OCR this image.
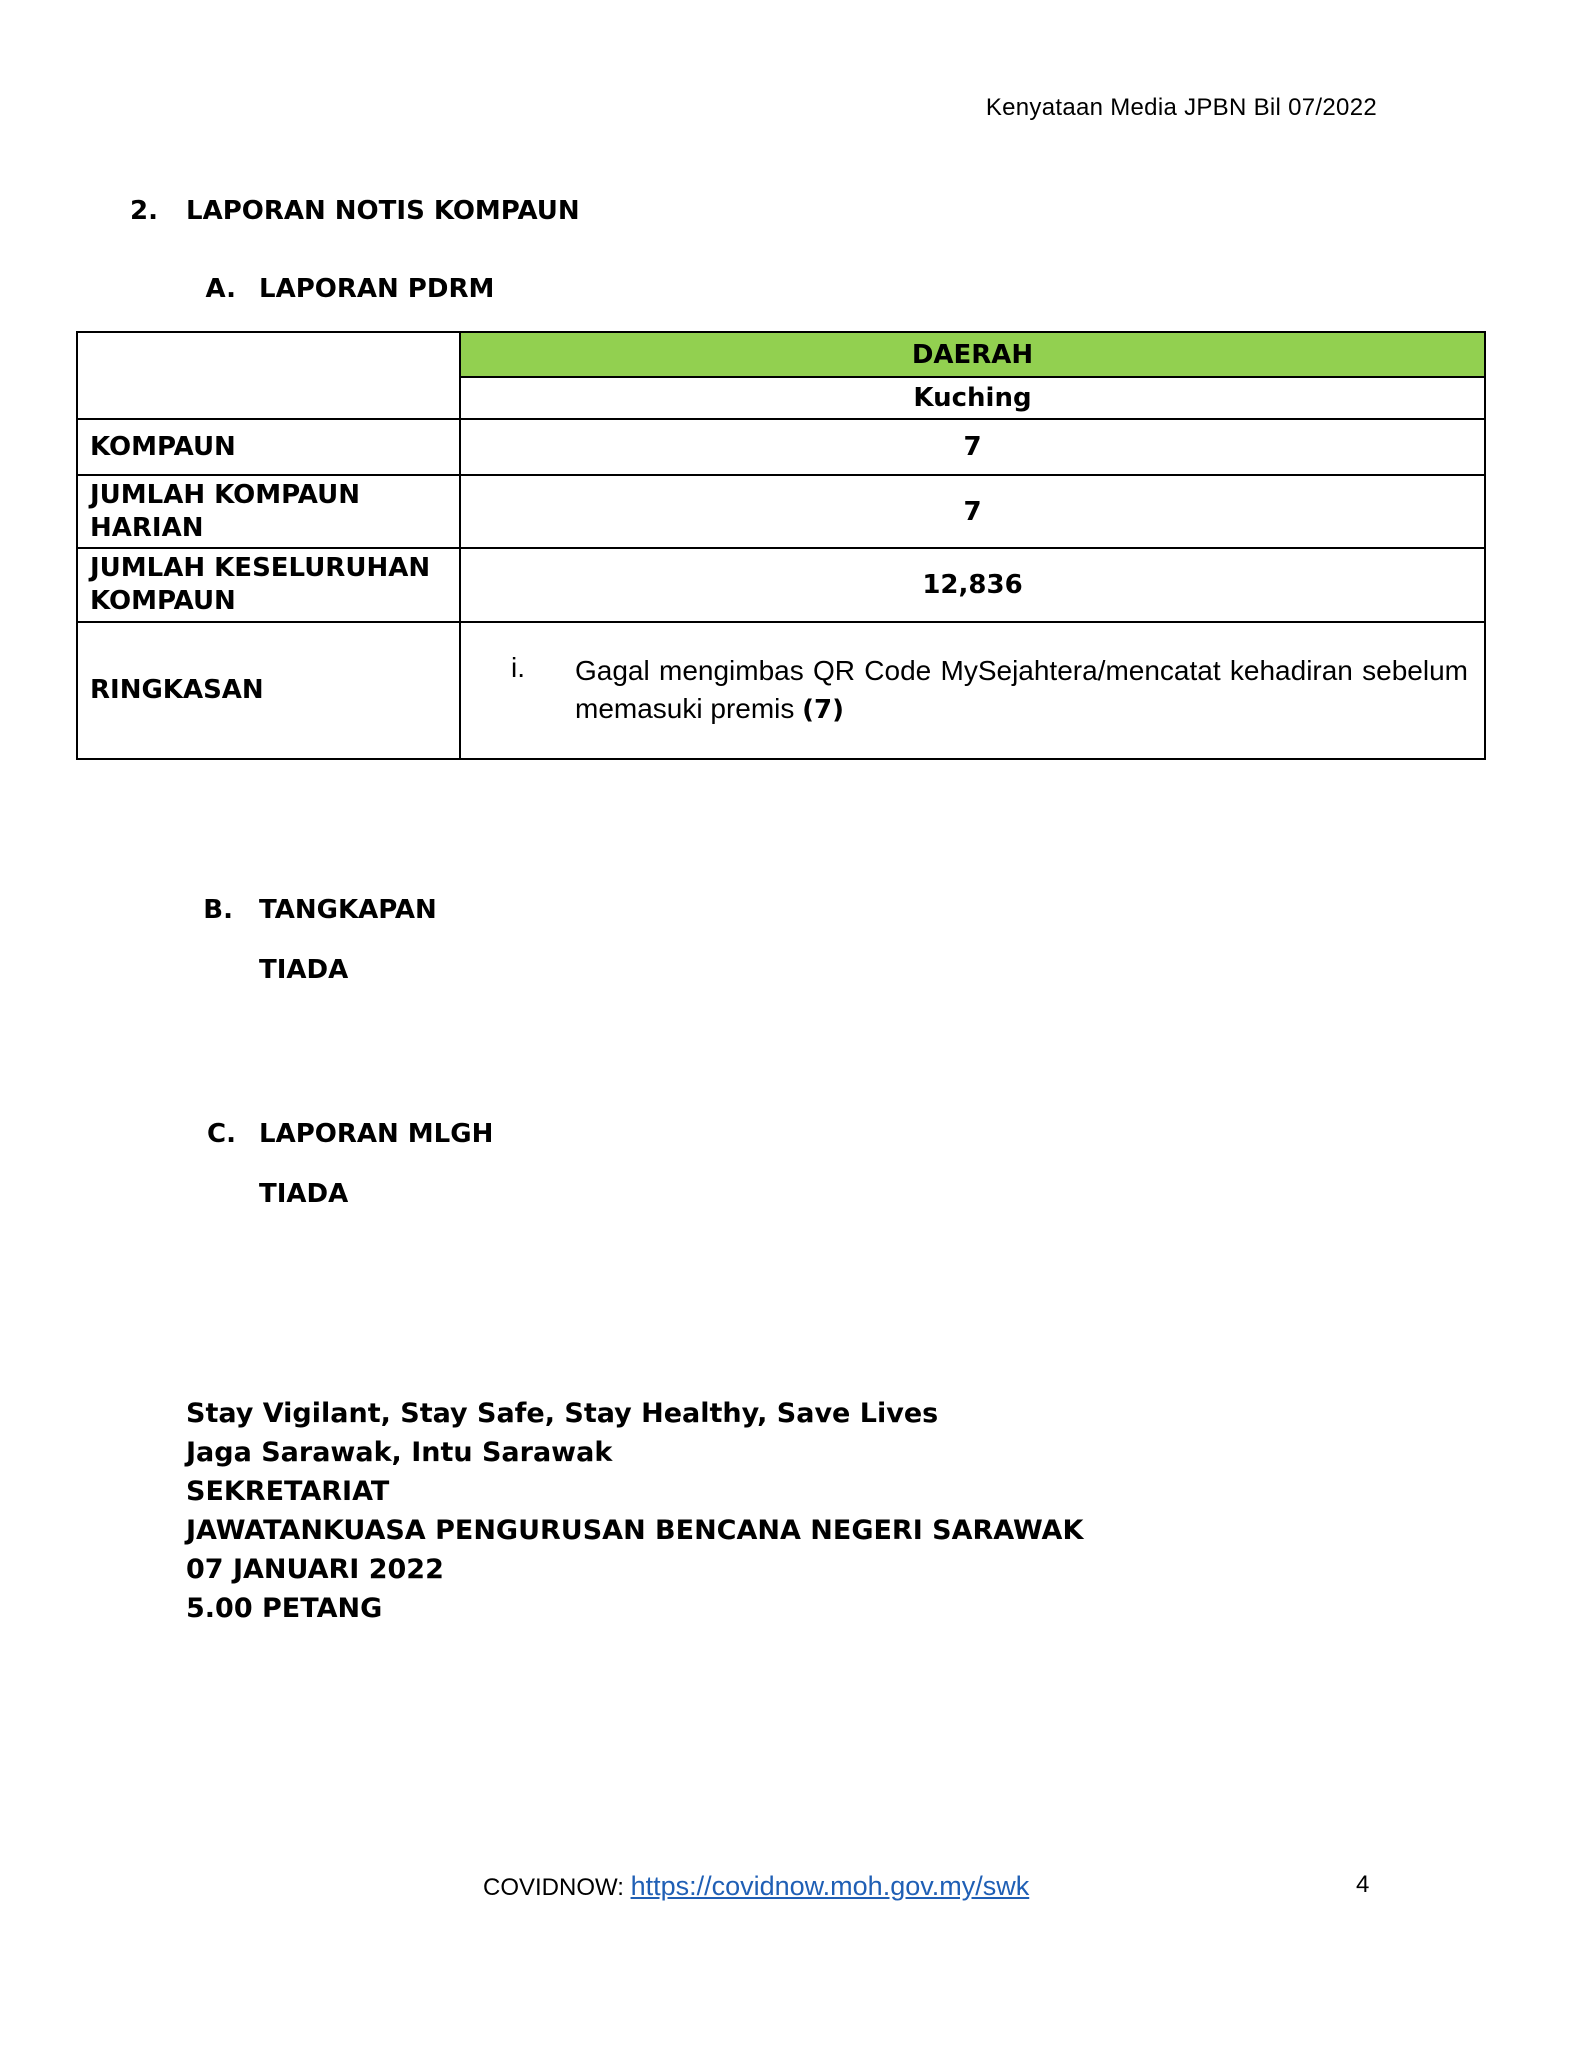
Kenyataan Media JPBN Bil 07/2022
2. LAPORAN NOTIS KOMPAUN
A. LAPORAN PDRM
	DAERAH
	Kuching
KOMPAUN	7
JUMLAH KOMPAUN HARIAN	7
JUMLAH KESELURUHAN KOMPAUN	12,836
RINGKASAN	i. Gagal mengimbas QR Code MySejahtera/mencatat kehadiran sebelum memasuki premis (7)
B. TANGKAPAN
TIADA
C. LAPORAN MLGH
TIADA
Stay Vigilant, Stay Safe, Stay Healthy, Save Lives
Jaga Sarawak, Intu Sarawak
SEKRETARIAT
JAWATANKUASA PENGURUSAN BENCANA NEGERI SARAWAK
07 JANUARI 2022
5.00 PETANG
COVIDNOW: https://covidnow.moh.gov.my/swk	4
